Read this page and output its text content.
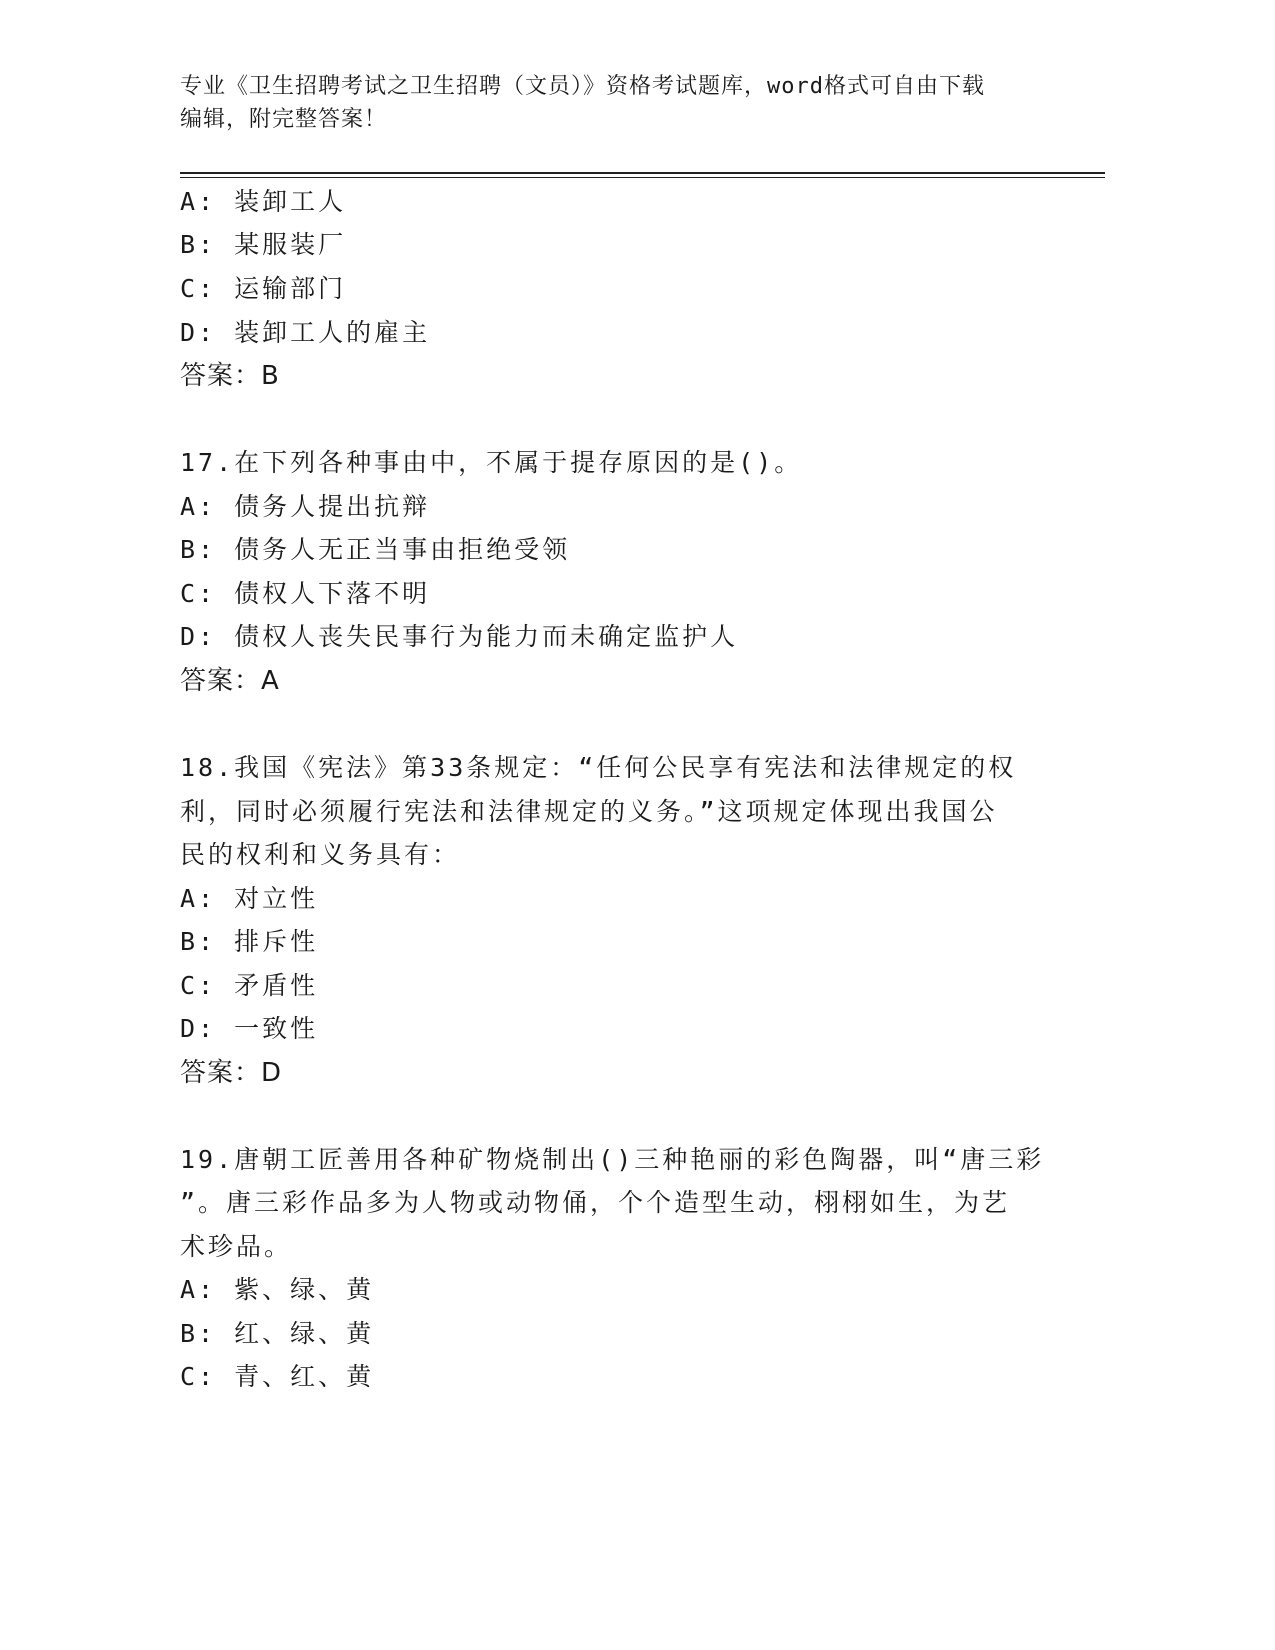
专业《卫生招聘考试之卫生招聘（文员）》资格考试题库，word格式可自由下载
编辑，附完整答案！
A: 装卸工人
B: 某服装厂
C: 运输部门
D: 装卸工人的雇主
答案：B
17.在下列各种事由中，不属于提存原因的是()。
A: 债务人提出抗辩
B: 债务人无正当事由拒绝受领
C: 债权人下落不明
D: 债权人丧失民事行为能力而未确定监护人
答案：A
18.我国《宪法》第33条规定：“任何公民享有宪法和法律规定的权
利，同时必须履行宪法和法律规定的义务。”这项规定体现出我国公
民的权利和义务具有：
A: 对立性
B: 排斥性
C: 矛盾性
D: 一致性
答案：D
19.唐朝工匠善用各种矿物烧制出()三种艳丽的彩色陶器，叫“唐三彩
”。唐三彩作品多为人物或动物俑，个个造型生动，栩栩如生，为艺
术珍品。
A: 紫、绿、黄
B: 红、绿、黄
C: 青、红、黄
